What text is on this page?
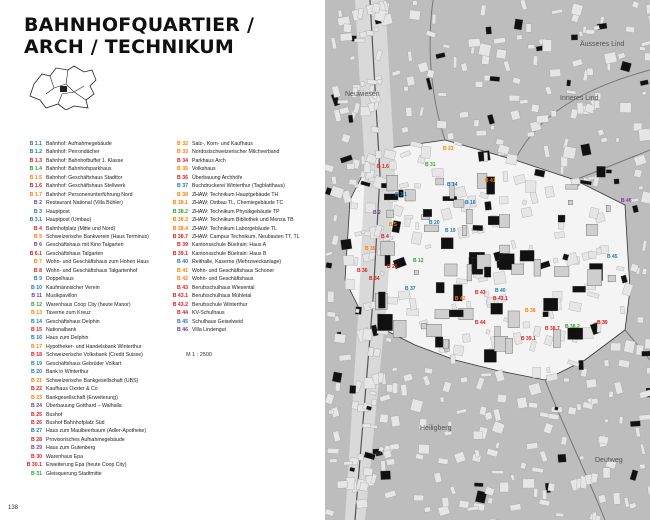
BAHNHOFQUARTIER /
ARCH / TECHNIKUM
B 1.1 Bahnhof: Aufnahmegebäude
B 1.2 Bahnhof: Perrondächer
B 1.3 Bahnhof: Bahnhofbuffet 1. Klasse
B 1.4 Bahnhof: Bahnhofsparkhaus
B 1.5 Bahnhof: Geschäftshaus Stadttor
B 1.6 Bahnhof: Geschäftshaus Stellwerk
B 1.7 Bahnhof: Personenunterführung Nord
B 2 Restaurant National (Villa Bühler)
B 3 Hauptpost
B 3.1 Hauptpost (Umbau)
B 4 Bahnhofplatz (Mitte und Nord)
B 5 Schweizerische Bankverein (Haus Terminus)
B 6 Geschäftshaus mit Kino Talgarten
B 6.1 Geschäftshaus Talgarten
B 7 Wohn- und Geschäftshaus zum Hohen Haus
B 8 Wohn- und Geschäftshaus Talgartenhof
B 9 Doppelhaus
B 10 Kaufmännischer Verein
B 11 Musikpavillon
B 12 Warenhaus Coop City (heute Manor)
B 13 Taverne zum Kreuz
B 14 Geschäftshaus Delphin
B 15 Nationalbank
B 16 Haus zum Delphin
B 17 Hypotheker- und Handelsbank Winterthur
B 18 Schweizerische Volksbank (Credit Suisse)
B 19 Geschäftshaus Gebrüder Volkart
B 20 Bank in Winterthur
B 21 Schweizerische Bankgesellschaft (UBS)
B 22 Kaufhaus Oxster & Co
B 23 Bankgesellschaft (Erweiterung)
B 24 Überbauung Gotthard – Walhalla
B 25 Bushof
B 26 Bushof Bahnhofplatz Süd
B 27 Haus zum Maulbeerbaum (Adler-Apotheke)
B 28 Provisorisches Aufnahmegebäude
B 29 Haus zum Gutenberg
B 30 Warenhaus Epa
B 30.1 Erweiterung Epa (heute Coop City)
B 31 Gleisquerung Stadtmitte
B 32 Salz-, Korn- und Kaufhaus
B 33 Nordostschweizerischer Milchverband
B 34 Parkhaus Arch
B 35 Volkshaus
B 36 Überbauung Archhöfe
B 37 Buchdruckerei Winterthur (Tagblatthaus)
B 38 ZHAW: Technikum Hauptgebäude TH
B 38.1 ZHAW: Ostbau TL, Chemiegebäude TC
B 38.2 ZHAW: Technikum Physikgebäude TP
B 38.3 ZHAW: Technikum Bibliothek und Mensa TB
B 38.4 ZHAW: Technikum Laborgebäude TL
B 38.7 ZHAW: Campus Technikum, Neubauten TT, TL
B 39 Kantonsschule Büelrain: Haus A
B 39.1 Kantonsschule Büelrain: Haus B
B 40 Reithalle, Kaserne (Mehrzweckanlage)
B 41 Wohn- und Geschäftshaus Schoner
B 42 Wohn- und Geschäftshaus
B 43 Berufsschulhaus Wiesental
B 43.1 Berufsschulhaus Mühletal
B 43.2 Berufsschule Winterthur
B 44 KV-Schulhaus
B 45 Schulhaus Geiselweid
B 46 Villa Lindengut
M 1 : 2500
138
Äusseres Lind
Neuwiesen
Inneres Lind
Heiligberg
Deutweg
B 1.6
B 2
B 35
B 36
B 37
B 33
B 3.1
B 5
B 4
B 14
B 16
B 19
B 20
B 12
B 43
B 43.1
B 45
B 46
B 38
B 38.7
B 39.1
B 42
B 44
B 40
B 31
B 25
B 34
B 41
B 38.2
B 39
